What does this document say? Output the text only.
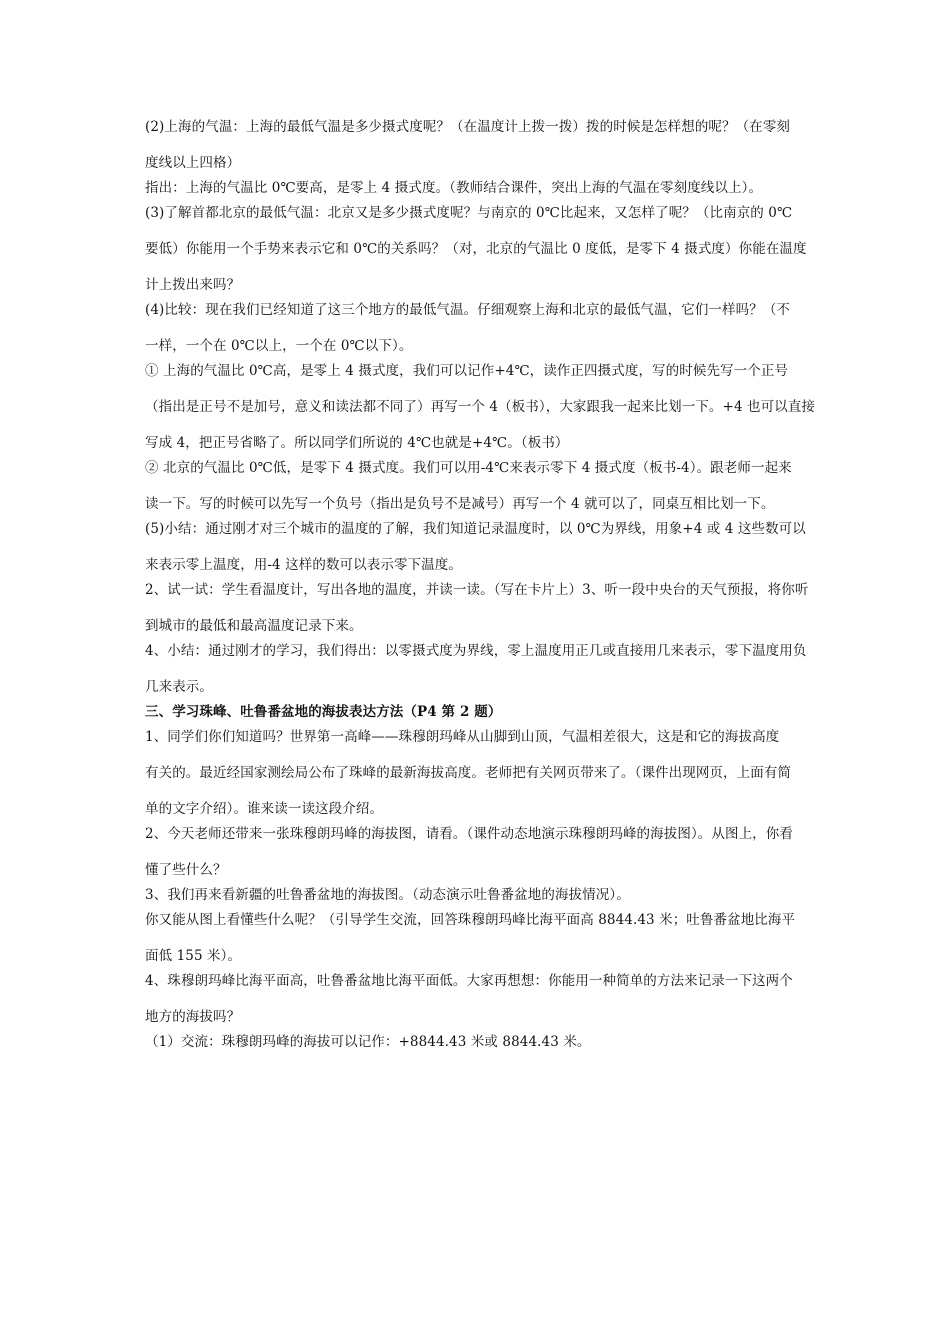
(2)上海的气温：上海的最低气温是多少摄式度呢？（在温度计上拨一拨）拨的时候是怎样想的呢？（在零刻
度线以上四格）
指出：上海的气温比 0℃要高，是零上 4 摄式度。（教师结合课件，突出上海的气温在零刻度线以上）。
(3)了解首都北京的最低气温：北京又是多少摄式度呢？与南京的 0℃比起来，又怎样了呢？（比南京的 0℃
要低）你能用一个手势来表示它和 0℃的关系吗？（对，北京的气温比 0 度低，是零下 4 摄式度）你能在温度
计上拨出来吗？
(4)比较：现在我们已经知道了这三个地方的最低气温。仔细观察上海和北京的最低气温，它们一样吗？（不
一样，一个在 0℃以上，一个在 0℃以下）。
① 上海的气温比 0℃高，是零上 4 摄式度，我们可以记作+4℃，读作正四摄式度，写的时候先写一个正号
（指出是正号不是加号，意义和读法都不同了）再写一个 4（板书），大家跟我一起来比划一下。+4 也可以直接
写成 4，把正号省略了。所以同学们所说的 4℃也就是+4℃。（板书）
② 北京的气温比 0℃低，是零下 4 摄式度。我们可以用-4℃来表示零下 4 摄式度（板书-4）。跟老师一起来
读一下。写的时候可以先写一个负号（指出是负号不是减号）再写一个 4 就可以了，同桌互相比划一下。
(5)小结：通过刚才对三个城市的温度的了解，我们知道记录温度时，以 0℃为界线，用象+4 或 4 这些数可以
来表示零上温度，用-4 这样的数可以表示零下温度。
2、试一试：学生看温度计，写出各地的温度，并读一读。（写在卡片上）3、听一段中央台的天气预报，将你听
到城市的最低和最高温度记录下来。
4、小结：通过刚才的学习，我们得出：以零摄式度为界线，零上温度用正几或直接用几来表示，零下温度用负
几来表示。
三、学习珠峰、吐鲁番盆地的海拔表达方法（P4 第 2 题）
1、同学们你们知道吗？世界第一高峰——珠穆朗玛峰从山脚到山顶，气温相差很大，这是和它的海拔高度
有关的。最近经国家测绘局公布了珠峰的最新海拔高度。老师把有关网页带来了。（课件出现网页，上面有简
单的文字介绍）。谁来读一读这段介绍。
2、今天老师还带来一张珠穆朗玛峰的海拔图，请看。（课件动态地演示珠穆朗玛峰的海拔图）。从图上，你看
懂了些什么？
3、我们再来看新疆的吐鲁番盆地的海拔图。（动态演示吐鲁番盆地的海拔情况）。
你又能从图上看懂些什么呢？（引导学生交流，回答珠穆朗玛峰比海平面高 8844.43 米；吐鲁番盆地比海平
面低 155 米）。
4、珠穆朗玛峰比海平面高，吐鲁番盆地比海平面低。大家再想想：你能用一种简单的方法来记录一下这两个
地方的海拔吗？
（1）交流：珠穆朗玛峰的海拔可以记作：+8844.43 米或 8844.43 米。
